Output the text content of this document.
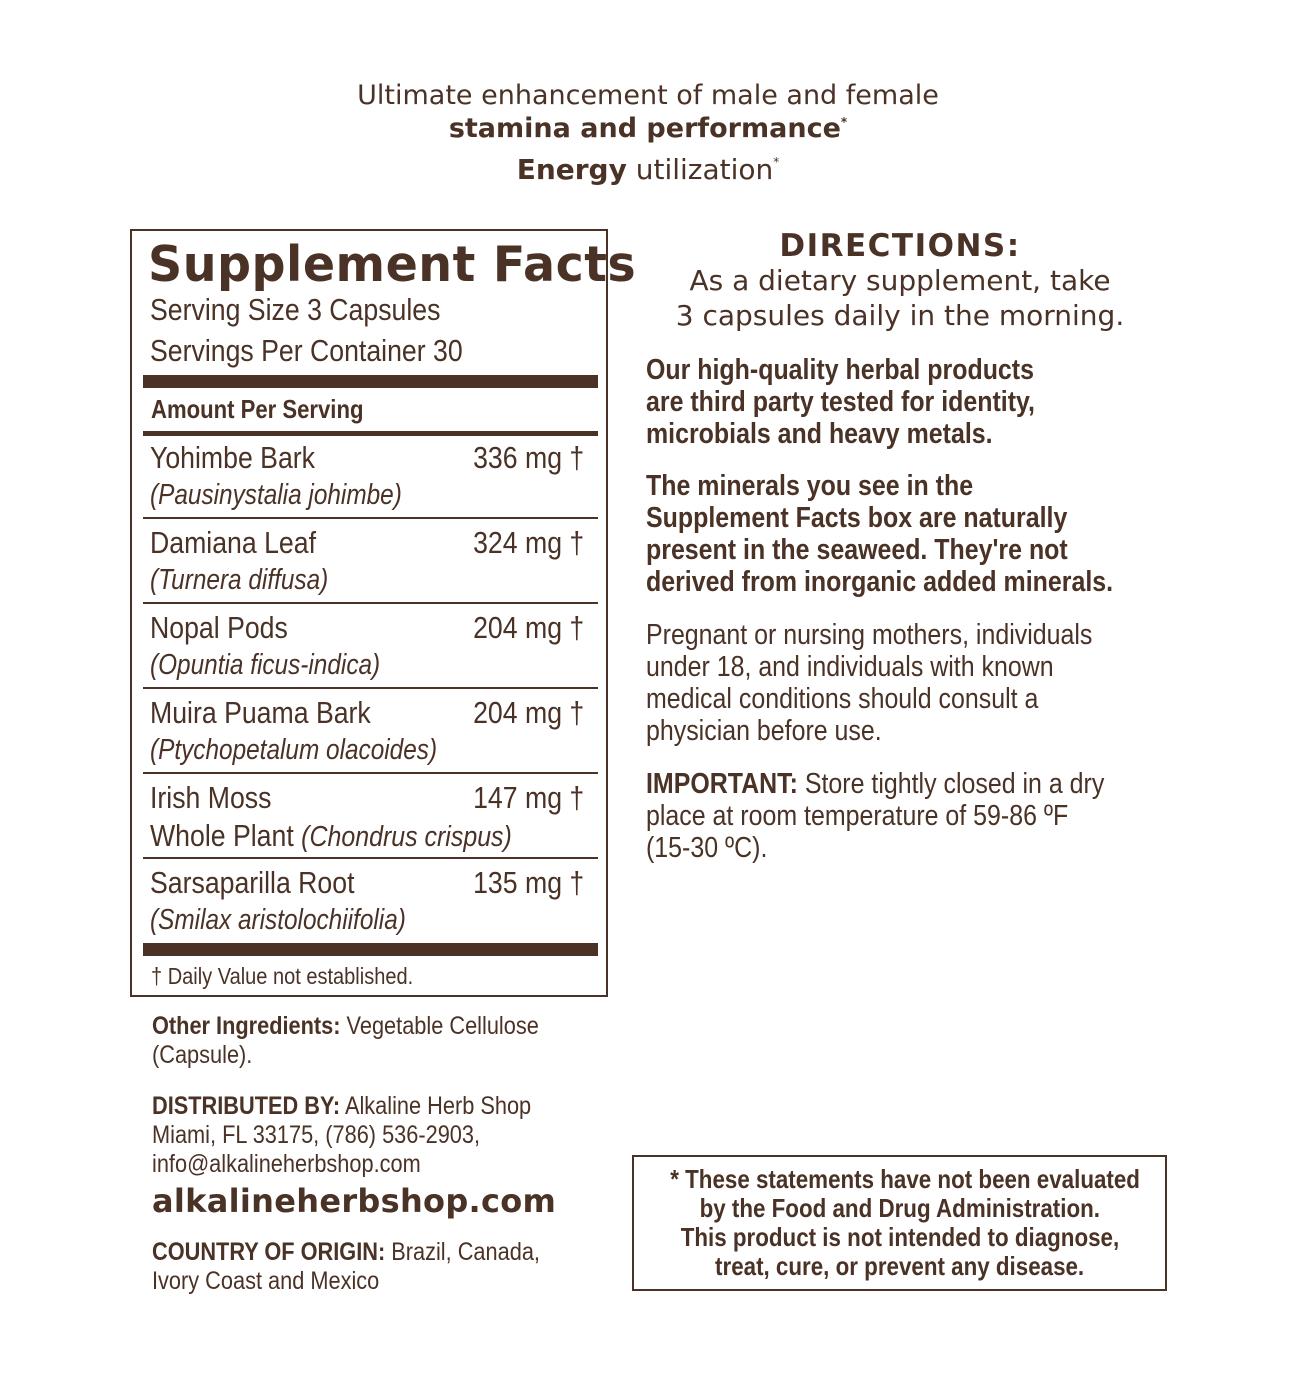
Ultimate enhancement of male and female
stamina and performance*
Energy utilization*
Supplement Facts
Serving Size 3 Capsules
Servings Per Container 30
Amount Per Serving
Yohimbe Bark	336 mg †
(Pausinystalia johimbe)
Damiana Leaf	324 mg †
(Turnera diffusa)
Nopal Pods	204 mg †
(Opuntia ficus-indica)
Muira Puama Bark	204 mg †
(Ptychopetalum olacoides)
Irish Moss	147 mg †
Whole Plant (Chondrus crispus)
Sarsaparilla Root	135 mg †
(Smilax aristolochiifolia)
† Daily Value not established.
Other Ingredients: Vegetable Cellulose
(Capsule).
DISTRIBUTED BY: Alkaline Herb Shop
Miami, FL 33175, (786) 536-2903,
info@alkalineherbshop.com
alkalineherbshop.com
COUNTRY OF ORIGIN: Brazil, Canada,
Ivory Coast and Mexico
DIRECTIONS:
As a dietary supplement, take
3 capsules daily in the morning.
Our high-quality herbal products
are third party tested for identity,
microbials and heavy metals.
The minerals you see in the
Supplement Facts box are naturally
present in the seaweed. They're not
derived from inorganic added minerals.
Pregnant or nursing mothers, individuals
under 18, and individuals with known
medical conditions should consult a
physician before use.
IMPORTANT: Store tightly closed in a dry
place at room temperature of 59-86 ºF
(15-30 ºC).
* These statements have not been evaluated
by the Food and Drug Administration.
This product is not intended to diagnose,
treat, cure, or prevent any disease.
